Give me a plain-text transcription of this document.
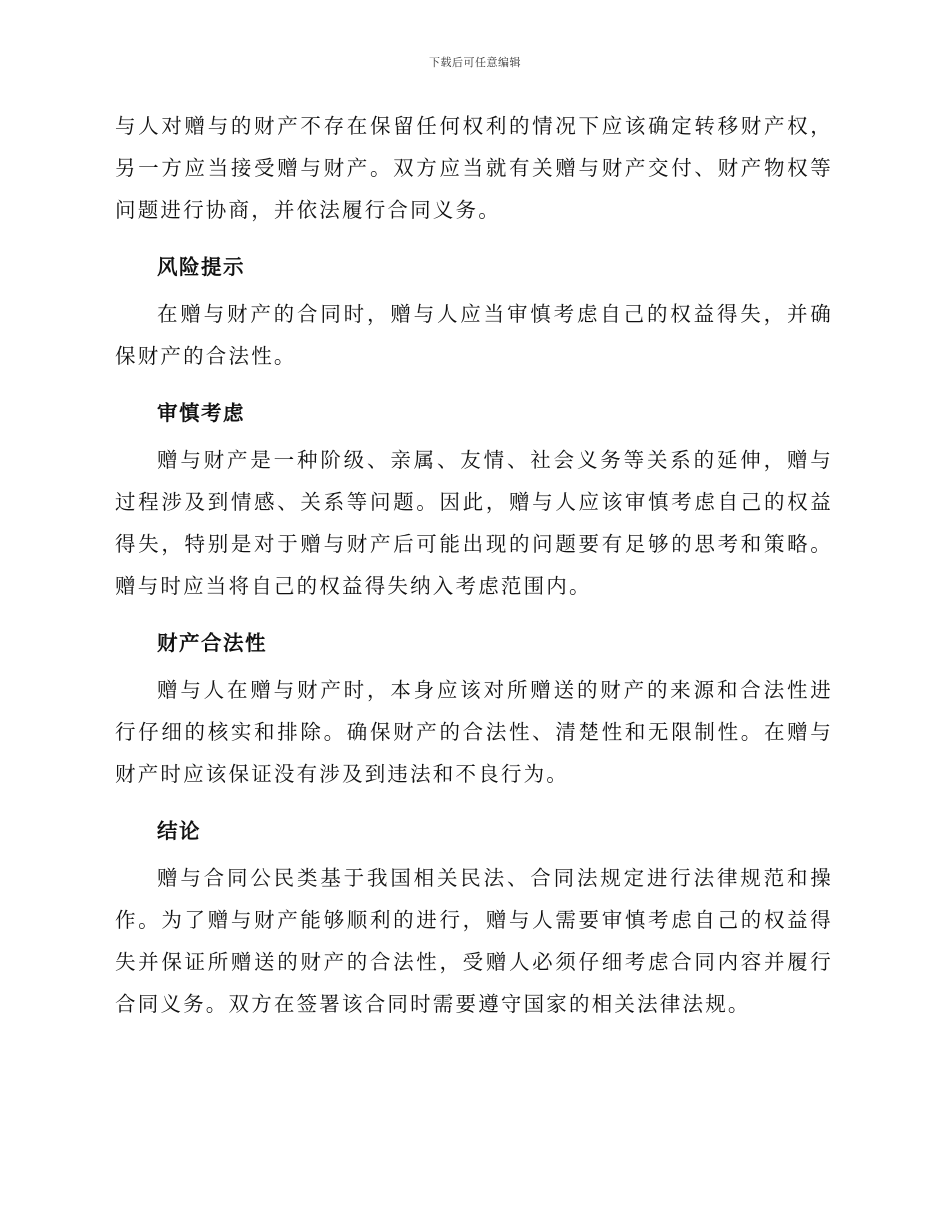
下载后可任意编辑

与人对赠与的财产不存在保留任何权利的情况下应该确定转移财产权，另一方应当接受赠与财产。双方应当就有关赠与财产交付、财产物权等问题进行协商，并依法履行合同义务。

风险提示

在赠与财产的合同时，赠与人应当审慎考虑自己的权益得失，并确保财产的合法性。

审慎考虑

赠与财产是一种阶级、亲属、友情、社会义务等关系的延伸，赠与过程涉及到情感、关系等问题。因此，赠与人应该审慎考虑自己的权益得失，特别是对于赠与财产后可能出现的问题要有足够的思考和策略。赠与时应当将自己的权益得失纳入考虑范围内。

财产合法性

赠与人在赠与财产时，本身应该对所赠送的财产的来源和合法性进行仔细的核实和排除。确保财产的合法性、清楚性和无限制性。在赠与财产时应该保证没有涉及到违法和不良行为。

结论

赠与合同公民类基于我国相关民法、合同法规定进行法律规范和操作。为了赠与财产能够顺利的进行，赠与人需要审慎考虑自己的权益得失并保证所赠送的财产的合法性，受赠人必须仔细考虑合同内容并履行合同义务。双方在签署该合同时需要遵守国家的相关法律法规。
